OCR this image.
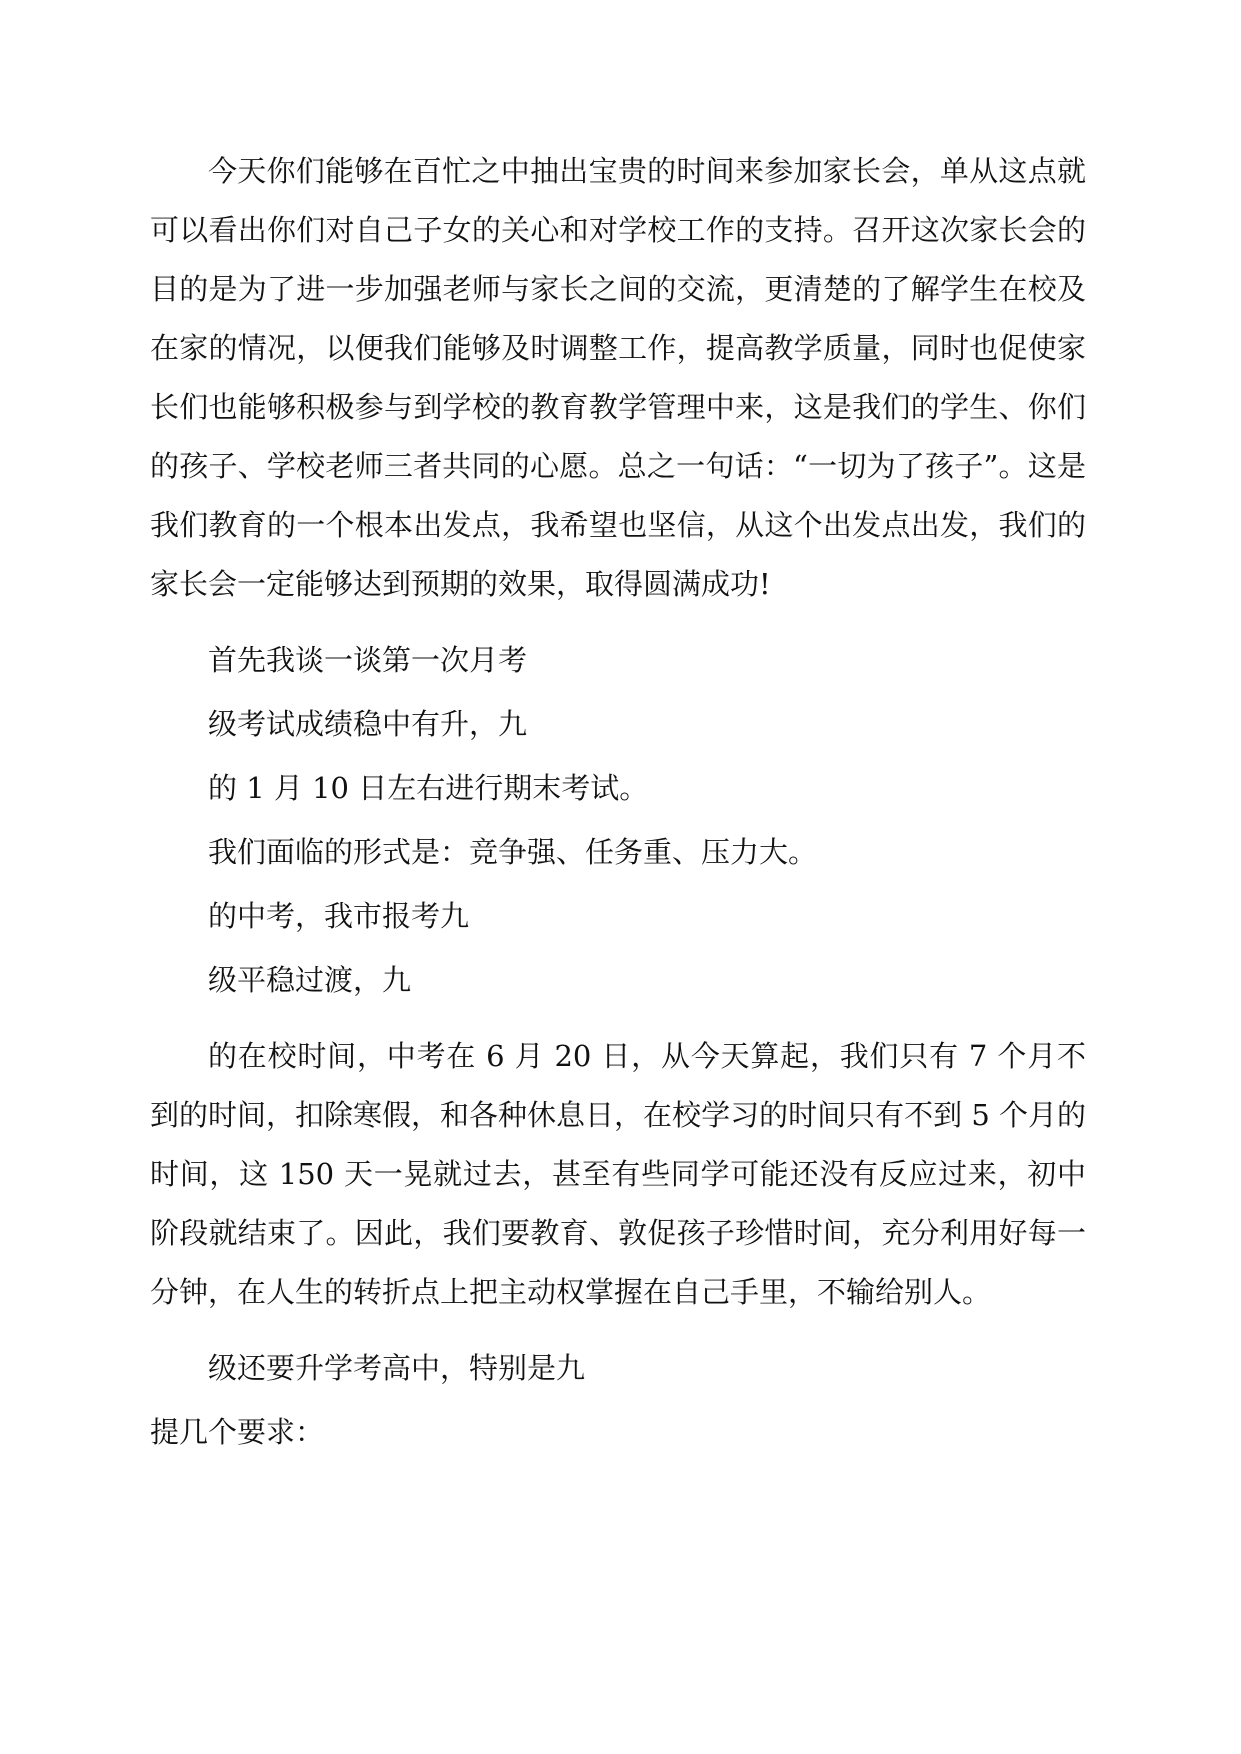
今天你们能够在百忙之中抽出宝贵的时间来参加家长会，单从这点就可以看出你们对自己子女的关心和对学校工作的支持。召开这次家长会的目的是为了进一步加强老师与家长之间的交流，更清楚的了解学生在校及在家的情况，以便我们能够及时调整工作，提高教学质量，同时也促使家长们也能够积极参与到学校的教育教学管理中来，这是我们的学生、你们的孩子、学校老师三者共同的心愿。总之一句话：“一切为了孩子”。这是我们教育的一个根本出发点，我希望也坚信，从这个出发点出发，我们的家长会一定能够达到预期的效果，取得圆满成功!

首先我谈一谈第一次月考

级考试成绩稳中有升，九

的 1 月 10 日左右进行期末考试。

我们面临的形式是：竞争强、任务重、压力大。

的中考，我市报考九

级平稳过渡，九

的在校时间，中考在 6 月 20 日，从今天算起，我们只有 7 个月不到的时间，扣除寒假，和各种休息日，在校学习的时间只有不到 5 个月的时间，这 150 天一晃就过去，甚至有些同学可能还没有反应过来，初中阶段就结束了。因此，我们要教育、敦促孩子珍惜时间，充分利用好每一分钟，在人生的转折点上把主动权掌握在自己手里，不输给别人。

级还要升学考高中，特别是九

提几个要求：
